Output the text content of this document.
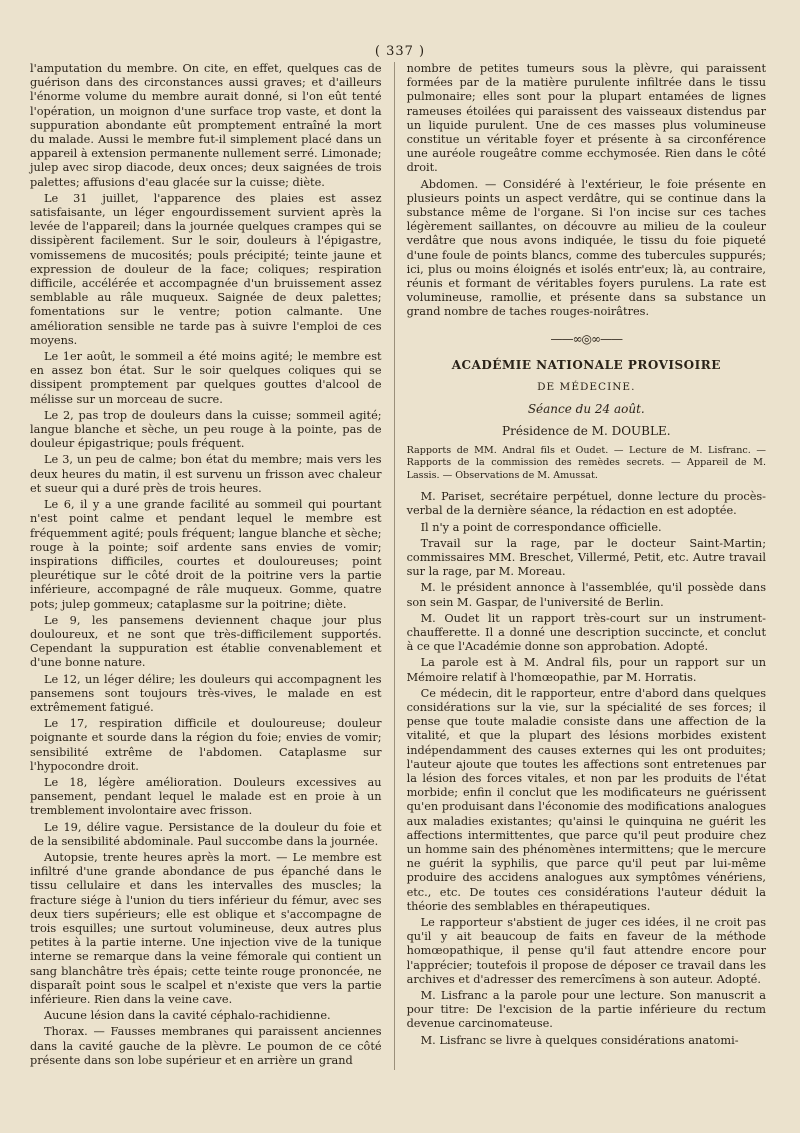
( 337 )

l'amputation du membre. On cite, en effet, quelques cas de guérison dans des circonstances aussi graves; et d'ailleurs l'énorme volume du membre aurait donné, si l'on eût tenté l'opération, un moignon d'une surface trop vaste, et dont la suppuration abondante eût promptement entraîné la mort du malade. Aussi le membre fut-il simplement placé dans un appareil à extension permanente nullement serré. Limonade; julep avec sirop diacode, deux onces; deux saignées de trois palettes; affusions d'eau glacée sur la cuisse; diète.

Le 31 juillet, l'apparence des plaies est assez satisfaisante, un léger engourdissement survient après la levée de l'appareil; dans la journée quelques crampes qui se dissipèrent facilement. Sur le soir, douleurs à l'épigastre, vomissemens de mucosités; pouls précipité; teinte jaune et expression de douleur de la face; coliques; respiration difficile, accélérée et accompagnée d'un bruissement assez semblable au râle muqueux. Saignée de deux palettes; fomentations sur le ventre; potion calmante. Une amélioration sensible ne tarde pas à suivre l'emploi de ces moyens.

Le 1er août, le sommeil a été moins agité; le membre est en assez bon état. Sur le soir quelques coliques qui se dissipent promptement par quelques gouttes d'alcool de mélisse sur un morceau de sucre.

Le 2, pas trop de douleurs dans la cuisse; sommeil agité; langue blanche et sèche, un peu rouge à la pointe, pas de douleur épigastrique; pouls fréquent.

Le 3, un peu de calme; bon état du membre; mais vers les deux heures du matin, il est survenu un frisson avec chaleur et sueur qui a duré près de trois heures.

Le 6, il y a une grande facilité au sommeil qui pourtant n'est point calme et pendant lequel le membre est fréquemment agité; pouls fréquent; langue blanche et sèche; rouge à la pointe; soif ardente sans envies de vomir; inspirations difficiles, courtes et douloureuses; point pleurétique sur le côté droit de la poitrine vers la partie inférieure, accompagné de râle muqueux. Gomme, quatre pots; julep gommeux; cataplasme sur la poitrine; diète.

Le 9, les pansemens deviennent chaque jour plus douloureux, et ne sont que très-difficilement supportés. Cependant la suppuration est établie convenablement et d'une bonne nature.

Le 12, un léger délire; les douleurs qui accompagnent les pansemens sont toujours très-vives, le malade en est extrêmement fatigué.

Le 17, respiration difficile et douloureuse; douleur poignante et sourde dans la région du foie; envies de vomir; sensibilité extrême de l'abdomen. Cataplasme sur l'hypocondre droit.

Le 18, légère amélioration. Douleurs excessives au pansement, pendant lequel le malade est en proie à un tremblement involontaire avec frisson.

Le 19, délire vague. Persistance de la douleur du foie et de la sensibilité abdominale. Paul succombe dans la journée.

Autopsie, trente heures après la mort. — Le membre est infiltré d'une grande abondance de pus épanché dans le tissu cellulaire et dans les intervalles des muscles; la fracture siége à l'union du tiers inférieur du fémur, avec ses deux tiers supérieurs; elle est oblique et s'accompagne de trois esquilles; une surtout volumineuse, deux autres plus petites à la partie interne. Une injection vive de la tunique interne se remarque dans la veine fémorale qui contient un sang blanchâtre très épais; cette teinte rouge prononcée, ne disparaît point sous le scalpel et n'existe que vers la partie inférieure. Rien dans la veine cave.

Aucune lésion dans la cavité céphalo-rachidienne.

Thorax. — Fausses membranes qui paraissent anciennes dans la cavité gauche de la plèvre. Le poumon de ce côté présente dans son lobe supérieur et en arrière un grand

nombre de petites tumeurs sous la plèvre, qui paraissent formées par de la matière purulente infiltrée dans le tissu pulmonaire; elles sont pour la plupart entamées de lignes rameuses étoilées qui paraissent des vaisseaux distendus par un liquide purulent. Une de ces masses plus volumineuse constitue un véritable foyer et présente à sa circonférence une auréole rougeâtre comme ecchymosée. Rien dans le côté droit.

Abdomen. — Considéré à l'extérieur, le foie présente en plusieurs points un aspect verdâtre, qui se continue dans la substance même de l'organe. Si l'on incise sur ces taches légèrement saillantes, on découvre au milieu de la couleur verdâtre que nous avons indiquée, le tissu du foie piqueté d'une foule de points blancs, comme des tubercules suppurés; ici, plus ou moins éloignés et isolés entr'eux; là, au contraire, réunis et formant de véritables foyers purulens. La rate est volumineuse, ramollie, et présente dans sa substance un grand nombre de taches rouges-noirâtres.

——∞◎∞——
ACADÉMIE NATIONALE PROVISOIRE
DE MÉDECINE.
Séance du 24 août.
Présidence de M. DOUBLE.
Rapports de MM. Andral fils et Oudet. — Lecture de M. Lisfranc. — Rapports de la commission des remèdes secrets. — Appareil de M. Lassis. — Observations de M. Amussat.

M. Pariset, secrétaire perpétuel, donne lecture du procès-verbal de la dernière séance, la rédaction en est adoptée.

Il n'y a point de correspondance officielle.

Travail sur la rage, par le docteur Saint-Martin; commissaires MM. Breschet, Villermé, Petit, etc. Autre travail sur la rage, par M. Moreau.

M. le président annonce à l'assemblée, qu'il possède dans son sein M. Gaspar, de l'université de Berlin.

M. Oudet lit un rapport très-court sur un instrument-chaufferette. Il a donné une description succincte, et conclut à ce que l'Académie donne son approbation. Adopté.

La parole est à M. Andral fils, pour un rapport sur un Mémoire relatif à l'homœopathie, par M. Horratis.

Ce médecin, dit le rapporteur, entre d'abord dans quelques considérations sur la vie, sur la spécialité de ses forces; il pense que toute maladie consiste dans une affection de la vitalité, et que la plupart des lésions morbides existent indépendamment des causes externes qui les ont produites; l'auteur ajoute que toutes les affections sont entretenues par la lésion des forces vitales, et non par les produits de l'état morbide; enfin il conclut que les modificateurs ne guérissent qu'en produisant dans l'économie des modifications analogues aux maladies existantes; qu'ainsi le quinquina ne guérit les affections intermittentes, que parce qu'il peut produire chez un homme sain des phénomènes intermittens; que le mercure ne guérit la syphilis, que parce qu'il peut par lui-même produire des accidens analogues aux symptômes vénériens, etc., etc. De toutes ces considérations l'auteur déduit la théorie des semblables en thérapeutiques.

Le rapporteur s'abstient de juger ces idées, il ne croit pas qu'il y ait beaucoup de faits en faveur de la méthode homœopathique, il pense qu'il faut attendre encore pour l'apprécier; toutefois il propose de déposer ce travail dans les archives et d'adresser des remercîmens à son auteur. Adopté.

M. Lisfranc a la parole pour une lecture. Son manuscrit a pour titre: De l'excision de la partie inférieure du rectum devenue carcinomateuse.

M. Lisfranc se livre à quelques considérations anatomi-
